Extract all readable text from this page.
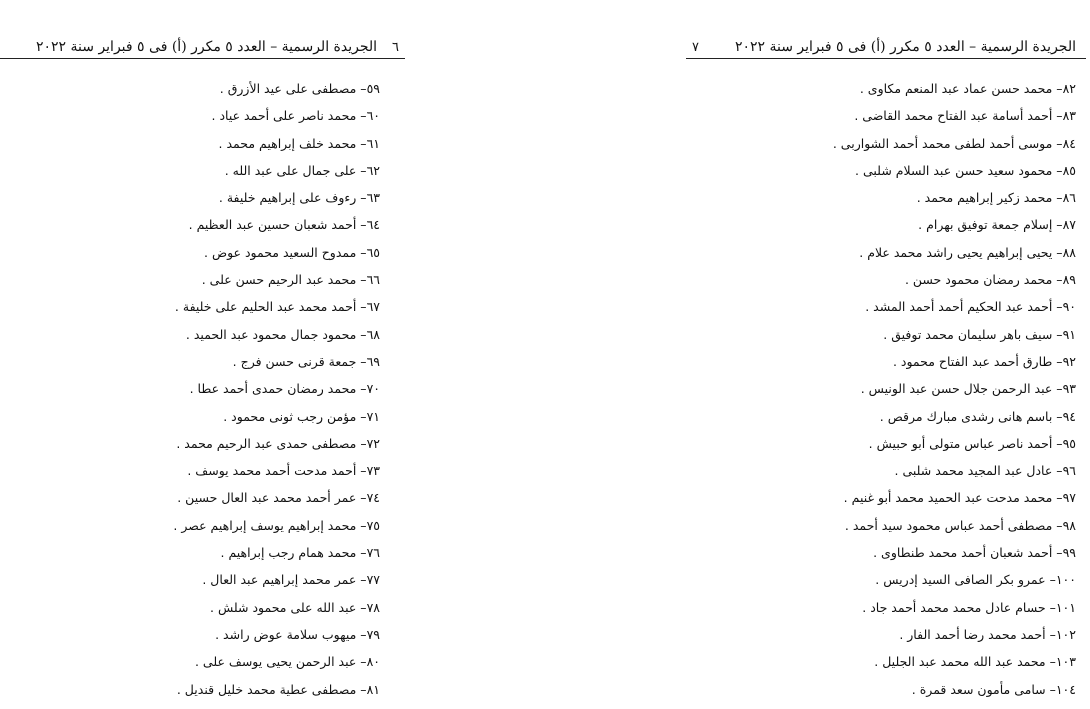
الجريدة الرسمية – العدد ٥ مكرر (أ) فى ٥ فبراير سنة ٢٠٢٢	٦
٥٩– مصطفى على عيد الأزرق .
٦٠– محمد ناصر على أحمد عياد .
٦١– محمد خلف إبراهيم محمد .
٦٢– على جمال على عبد الله .
٦٣– رءوف على إبراهيم خليفة .
٦٤– أحمد شعبان حسين عبد العظيم .
٦٥– ممدوح السعيد محمود عوض .
٦٦– محمد عبد الرحيم حسن على .
٦٧– أحمد محمد عبد الحليم على خليفة .
٦٨– محمود جمال محمود عبد الحميد .
٦٩– جمعة قرنى حسن فرج .
٧٠– محمد رمضان حمدى أحمد عطا .
٧١– مؤمن رجب ثونى محمود .
٧٢– مصطفى حمدى عبد الرحيم محمد .
٧٣– أحمد مدحت أحمد محمد يوسف .
٧٤– عمر أحمد محمد عبد العال حسين .
٧٥– محمد إبراهيم يوسف إبراهيم عصر .
٧٦– محمد همام رجب إبراهيم .
٧٧– عمر محمد إبراهيم عبد العال .
٧٨– عبد الله على محمود شلش .
٧٩– ميهوب سلامة عوض راشد .
٨٠– عبد الرحمن يحيى يوسف على .
٨١– مصطفى عطية محمد خليل قنديل .
٧	الجريدة الرسمية – العدد ٥ مكرر (أ) فى ٥ فبراير سنة ٢٠٢٢
٨٢– محمد حسن عماد عبد المنعم مكاوى .
٨٣– أحمد أسامة عبد الفتاح محمد القاضى .
٨٤– موسى أحمد لطفى محمد أحمد الشواربى .
٨٥– محمود سعيد حسن عبد السلام شلبى .
٨٦– محمد زكير إبراهيم محمد .
٨٧– إسلام جمعة توفيق بهرام .
٨٨– يحيى إبراهيم يحيى راشد محمد علام .
٨٩– محمد رمضان محمود حسن .
٩٠– أحمد عبد الحكيم أحمد أحمد المشد .
٩١– سيف باهر سليمان محمد توفيق .
٩٢– طارق أحمد عبد الفتاح محمود .
٩٣– عبد الرحمن جلال حسن عبد الونيس .
٩٤– باسم هانى رشدى مبارك مرقص .
٩٥– أحمد ناصر عباس متولى أبو حبيش .
٩٦– عادل عبد المجيد محمد شلبى .
٩٧– محمد مدحت عبد الحميد محمد أبو غنيم .
٩٨– مصطفى أحمد عباس محمود سيد أحمد .
٩٩– أحمد شعبان أحمد محمد طنطاوى .
١٠٠– عمرو بكر الصافى السيد إدريس .
١٠١– حسام عادل محمد محمد أحمد جاد .
١٠٢– أحمد محمد رضا أحمد الفار .
١٠٣– محمد عبد الله محمد عبد الجليل .
١٠٤– سامى مأمون سعد قمرة .
